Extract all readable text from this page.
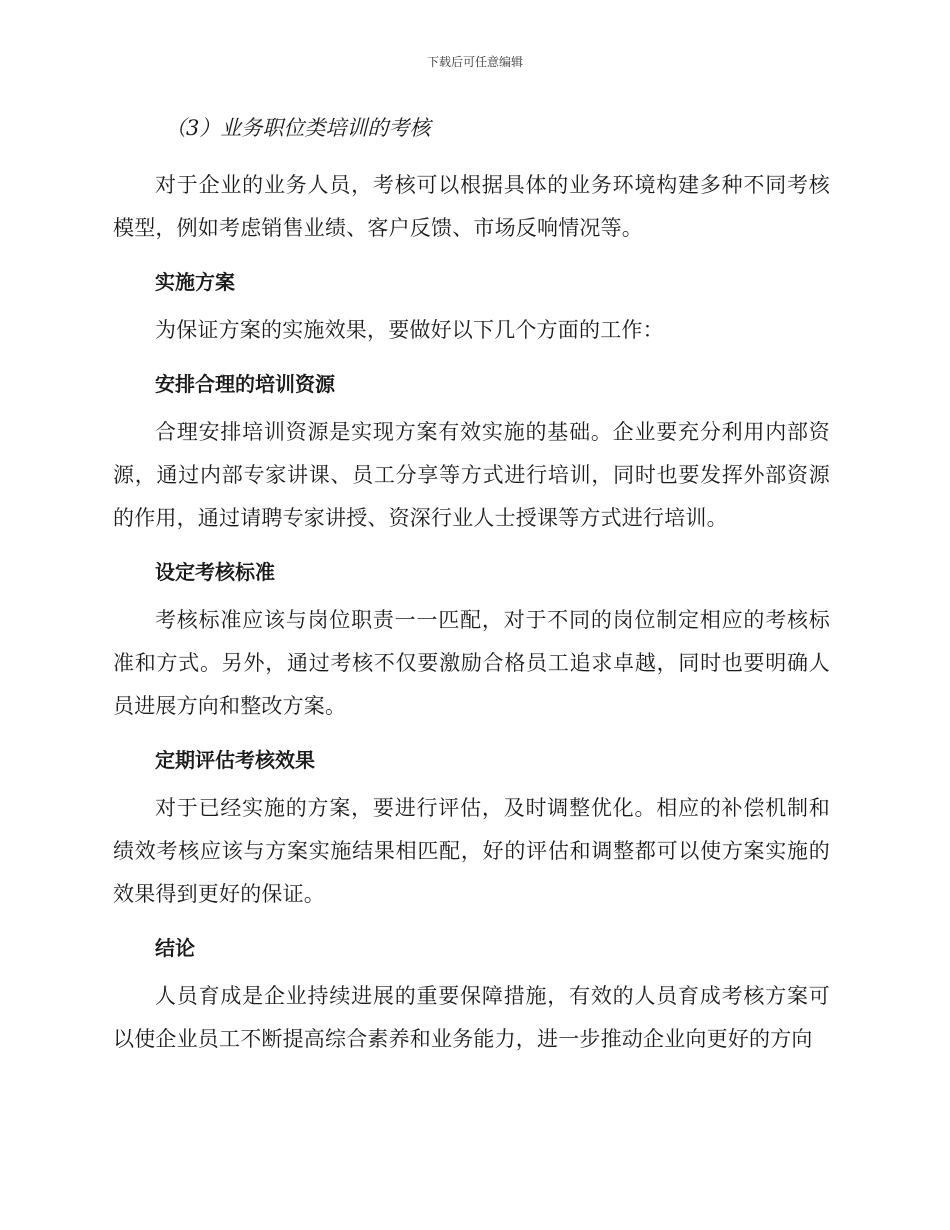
下载后可任意编辑

（3）业务职位类培训的考核

对于企业的业务人员，考核可以根据具体的业务环境构建多种不同考核模型，例如考虑销售业绩、客户反馈、市场反响情况等。

实施方案

为保证方案的实施效果，要做好以下几个方面的工作：

安排合理的培训资源

合理安排培训资源是实现方案有效实施的基础。企业要充分利用内部资源，通过内部专家讲课、员工分享等方式进行培训，同时也要发挥外部资源的作用，通过请聘专家讲授、资深行业人士授课等方式进行培训。

设定考核标准

考核标准应该与岗位职责一一匹配，对于不同的岗位制定相应的考核标准和方式。另外，通过考核不仅要激励合格员工追求卓越，同时也要明确人员进展方向和整改方案。

定期评估考核效果

对于已经实施的方案，要进行评估，及时调整优化。相应的补偿机制和绩效考核应该与方案实施结果相匹配，好的评估和调整都可以使方案实施的效果得到更好的保证。

结论

人员育成是企业持续进展的重要保障措施，有效的人员育成考核方案可以使企业员工不断提高综合素养和业务能力，进一步推动企业向更好的方向
